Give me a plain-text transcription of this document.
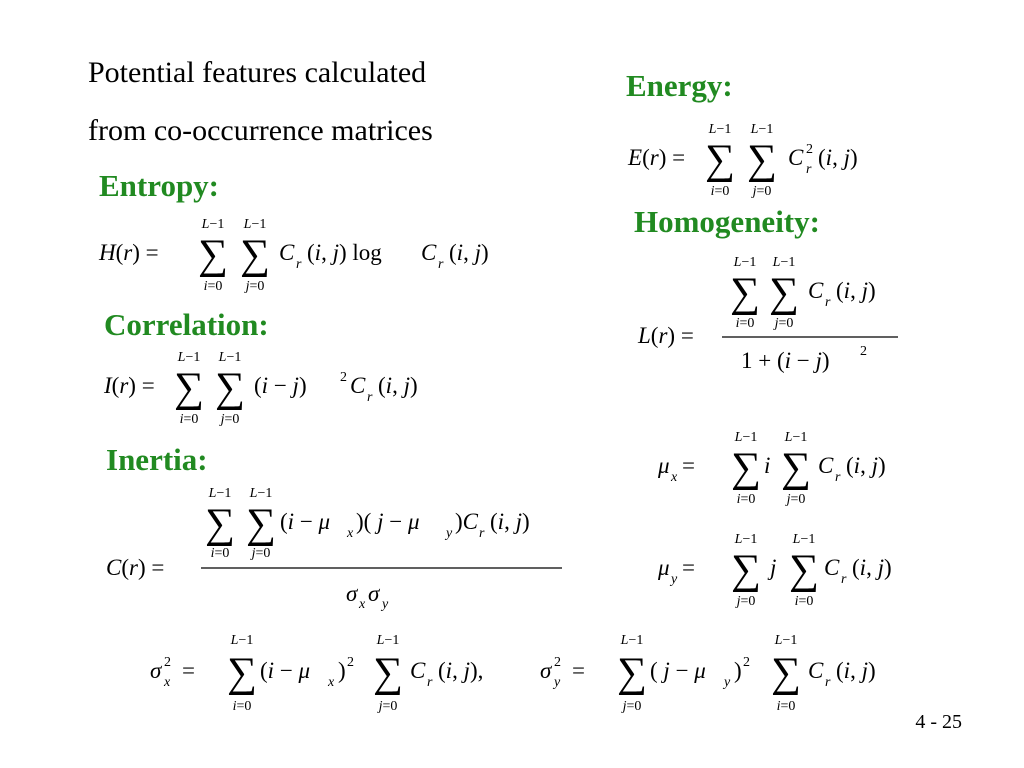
Potential features calculated
from co-occurrence matrices
Energy:
Entropy:
Homogeneity:
Correlation:
Inertia:
E(r) =
L−1
∑
i=0
L−1
∑
j=0
C 2
r (i, j)
H(r) =
L−1
∑
i=0
L−1
∑
j=0
C r (i, j) log C r (i, j)
L(r) =
L−1
∑
i=0
L−1
∑
j=0
C r (i, j)
1 + (i − j) 2
I(r) =
L−1
∑
i=0
L−1
∑
j=0
(i − j) 2 C r (i, j)
C(r) =
L−1
∑
i=0
L−1
∑
j=0
(i − μ x )( j − μ y )C r (i, j)
σ x σ y
μ x =
L−1
∑
i=0
i
L−1
∑
j=0
C r (i, j)
μ y =
L−1
∑
j=0
j
L−1
∑
i=0
C r (i, j)
σ 2
x =
L−1
∑
i=0
(i − μ x ) 2
L−1
∑
j=0
C r (i, j), σ 2
y =
L−1
∑
j=0
( j − μ y ) 2
L−1
∑
i=0
C r (i, j)
4 - 25
